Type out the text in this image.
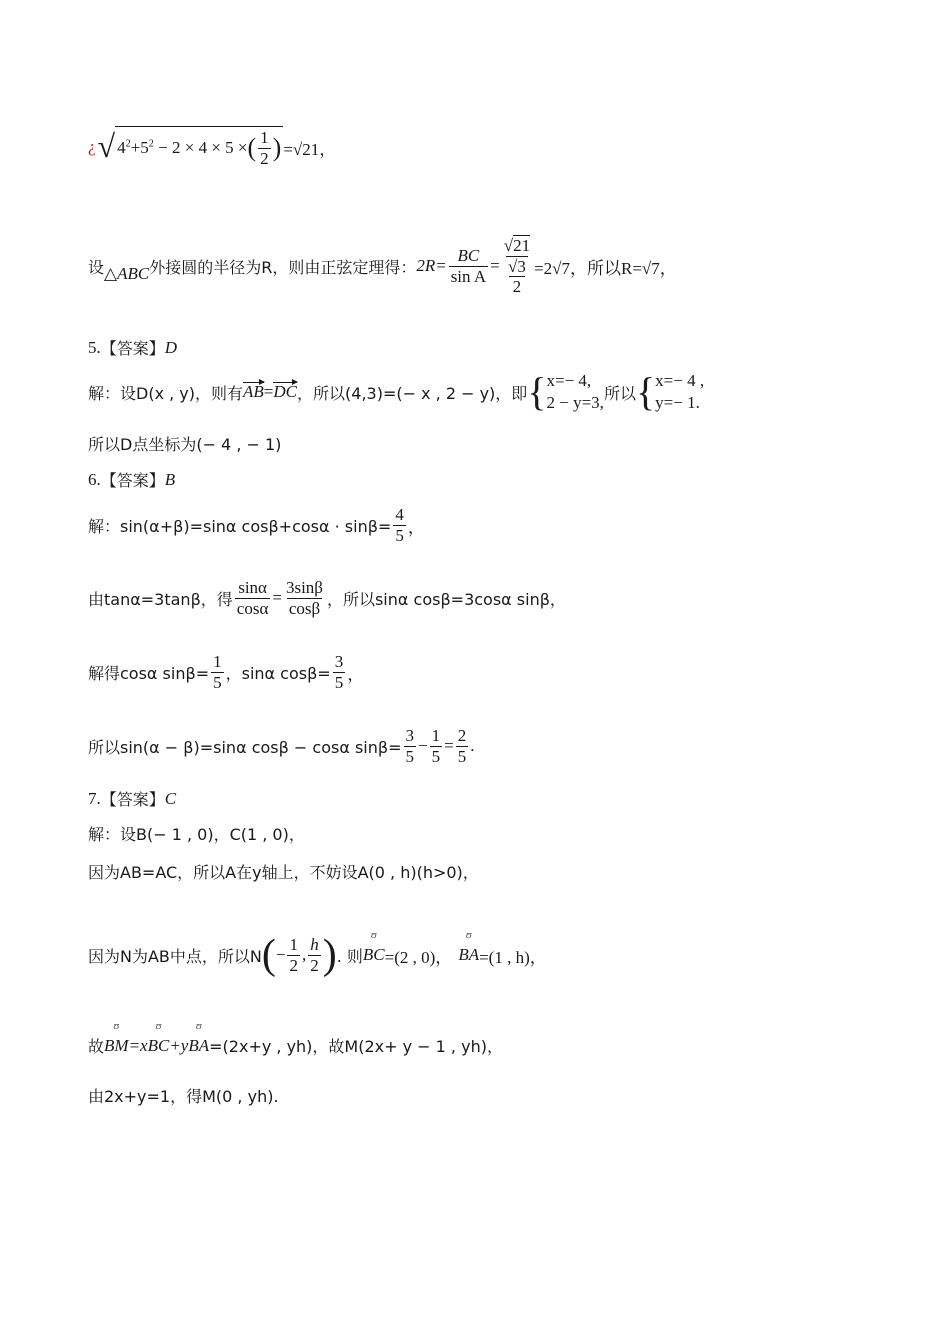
¿ √ $4^2+5^2 - 2 \times 4 \times 5$ × ( $\frac{1}{2}$ ) =√21，
设 △ABC 外接圆的半径为R，则由正弦定理得： $2R= \frac{BC}{\text{sin A}} = √21$
√3
2 =2√7，所以R=√7，
5. 【答案】 D
解：设D(x , y)，则有 AB = DC ，所以(4,3)=(− x , 2 − y)，即 { x=− 4,
2 − y=3, 所以 { x=− 4 ,
y=− 1.
所以D点坐标为(− 4 , − 1)
6. 【答案】 B
解：sin(α+β)=sinα $\cos\beta+\cos\alpha \cdot \sin\beta= \frac{4}{5}$ ，
由tanα=3tanβ，得 $\frac{\sin\alpha}{\cos\alpha} = \frac{3\sin\beta}{\cos\beta}$ ，所以sinα cosβ=3cosα sinβ，
解得cosα $\sin\beta= \frac{1}{5}$ ，sinα $\cos\beta= \frac{3}{5}$ ，
所以sin(α − β)=sinα cosβ − cosα $\sin\beta= \frac{3}{5} - \frac{1}{5} = \frac{2}{5}$ .
7. 【答案】 C
解：设B(− 1 , 0)，C(1 , 0)，
因为AB=AC，所以A在y轴上，不妨设A(0 , h)(h>0)，
因为N为AB中点，所以N ( − $\frac{1}{2}$ , $\frac{h}{2}$ ) . 则
ʊ
BC =(2 , 0)，
ʊ
BA =(1 , h)，
故
ʊ
BM =x
ʊ
BC +y
ʊ
BA =(2x+y , yh)，故M(2x+ y − 1 , yh)，
由2x+y=1，得M(0 , yh).
